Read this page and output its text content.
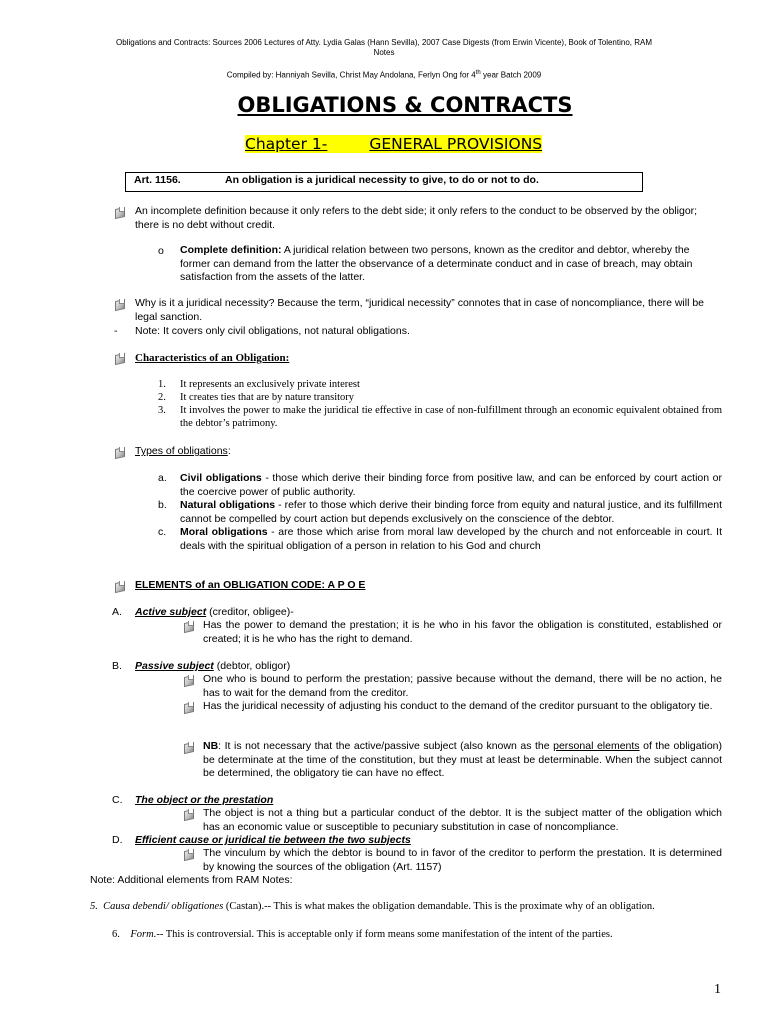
Obligations and Contracts: Sources 2006 Lectures of Atty. Lydia Galas (Hann Sevilla), 2007 Case Digests (from Erwin Vicente), Book of Tolentino, RAM
Notes
Compiled by: Hanniyah Sevilla, Christ May Andolana, Ferlyn Ong for 4th year Batch 2009
OBLIGATIONS & CONTRACTS
Chapter 1-	GENERAL PROVISIONS
Art. 1156.	An obligation is a juridical necessity to give, to do or not to do.
An incomplete definition because it only refers to the debt side; it only refers to the conduct to be observed by the obligor; there is no debt without credit.
o Complete definition: A juridical relation between two persons, known as the creditor and debtor, whereby the former can demand from the latter the observance of a determinate conduct and in case of breach, may obtain satisfaction from the assets of the latter.
Why is it a juridical necessity? Because the term, “juridical necessity” connotes that in case of noncompliance, there will be legal sanction.
- Note: It covers only civil obligations, not natural obligations.
Characteristics of an Obligation:
1. It represents an exclusively private interest
2. It creates ties that are by nature transitory
3. It involves the power to make the juridical tie effective in case of non-fulfillment through an economic equivalent obtained from the debtor’s patrimony.
Types of obligations:
a. Civil obligations - those which derive their binding force from positive law, and can be enforced by court action or the coercive power of public authority.
b. Natural obligations - refer to those which derive their binding force from equity and natural justice, and its fulfillment cannot be compelled by court action but depends exclusively on the conscience of the debtor.
c. Moral obligations - are those which arise from moral law developed by the church and not enforceable in court. It deals with the spiritual obligation of a person in relation to his God and church
ELEMENTS of an OBLIGATION CODE: A P O E
A. Active subject (creditor, obligee)-
Has the power to demand the prestation; it is he who in his favor the obligation is constituted, established or created; it is he who has the right to demand.
B. Passive subject (debtor, obligor)
One who is bound to perform the prestation; passive because without the demand, there will be no action, he has to wait for the demand from the creditor.
Has the juridical necessity of adjusting his conduct to the demand of the creditor pursuant to the obligatory tie.
NB: It is not necessary that the active/passive subject (also known as the personal elements of the obligation) be determinate at the time of the constitution, but they must at least be determinable. When the subject cannot be determined, the obligatory tie can have no effect.
C. The object or the prestation
The object is not a thing but a particular conduct of the debtor. It is the subject matter of the obligation which has an economic value or susceptible to pecuniary substitution in case of noncompliance.
D. Efficient cause or juridical tie between the two subjects
The vinculum by which the debtor is bound to in favor of the creditor to perform the prestation. It is determined by knowing the sources of the obligation (Art. 1157)
Note: Additional elements from RAM Notes:
5. Causa debendi/ obligationes (Castan).-- This is what makes the obligation demandable. This is the proximate why of an obligation.
6. Form.-- This is controversial. This is acceptable only if form means some manifestation of the intent of the parties.
1
